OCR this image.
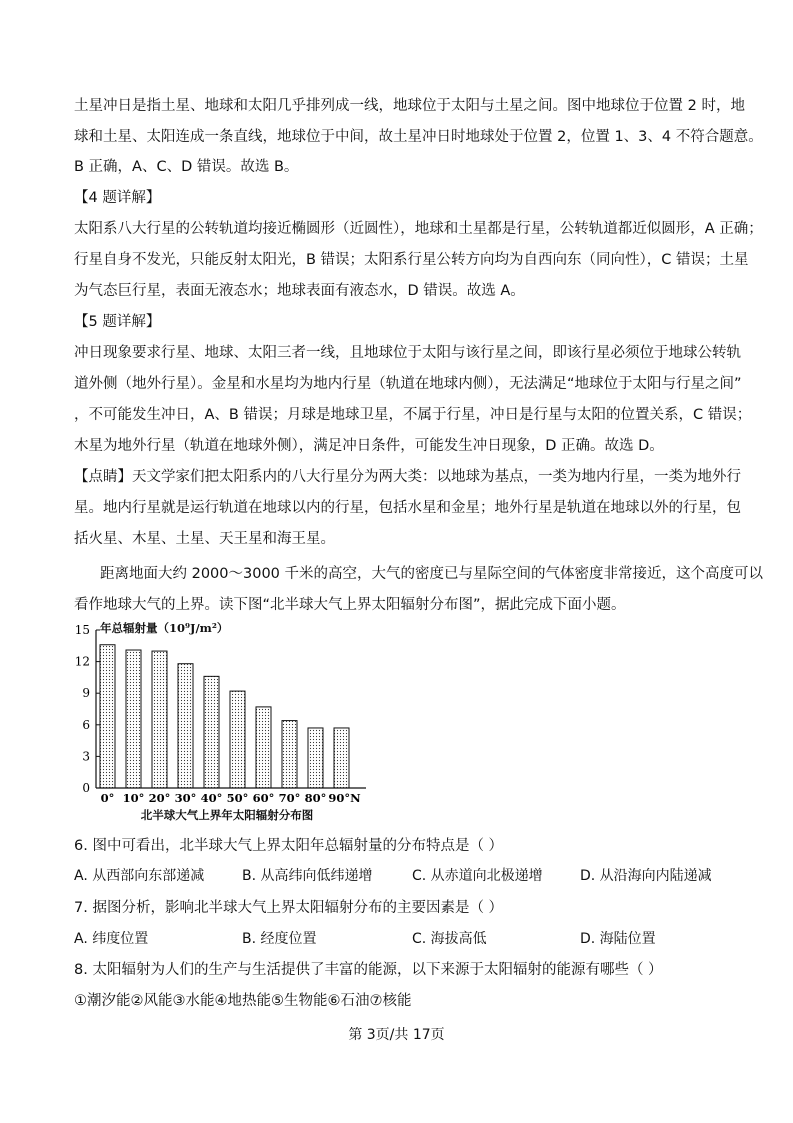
土星冲日是指土星、地球和太阳几乎排列成一线，地球位于太阳与土星之间。图中地球位于位置 2 时，地
球和土星、太阳连成一条直线，地球位于中间，故土星冲日时地球处于位置 2，位置 1、3、4 不符合题意。
B 正确，A、C、D 错误。故选 B。
【4 题详解】
太阳系八大行星的公转轨道均接近椭圆形（近圆性），地球和土星都是行星，公转轨道都近似圆形，A 正确；
行星自身不发光，只能反射太阳光，B 错误；太阳系行星公转方向均为自西向东（同向性），C 错误；土星
为气态巨行星，表面无液态水；地球表面有液态水，D 错误。故选 A。
【5 题详解】
冲日现象要求行星、地球、太阳三者一线，且地球位于太阳与该行星之间，即该行星必须位于地球公转轨
道外侧（地外行星）。金星和水星均为地内行星（轨道在地球内侧），无法满足“地球位于太阳与行星之间”
，不可能发生冲日，A、B 错误；月球是地球卫星，不属于行星，冲日是行星与太阳的位置关系，C 错误；
木星为地外行星（轨道在地球外侧），满足冲日条件，可能发生冲日现象，D 正确。故选 D。
【点睛】天文学家们把太阳系内的八大行星分为两大类：以地球为基点，一类为地内行星，一类为地外行
星。地内行星就是运行轨道在地球以内的行星，包括水星和金星；地外行星是轨道在地球以外的行星，包
括火星、木星、土星、天王星和海王星。
距离地面大约 2000～3000 千米的高空，大气的密度已与星际空间的气体密度非常接近，这个高度可以
看作地球大气的上界。读下图“北半球大气上界太阳辐射分布图”，据此完成下面小题。
0
3
6
9
12
15
0° 10° 20° 30° 40° 50° 60° 70° 80° 90°N
年总辐射量（10⁹J/m²）
北半球大气上界年太阳辐射分布图
6. 图中可看出，北半球大气上界太阳年总辐射量的分布特点是（ ）
A. 从西部向东部递减	B. 从高纬向低纬递增	C. 从赤道向北极递增	D. 从沿海向内陆递减
7. 据图分析，影响北半球大气上界太阳辐射分布的主要因素是（ ）
A. 纬度位置	B. 经度位置	C. 海拔高低	D. 海陆位置
8. 太阳辐射为人们的生产与生活提供了丰富的能源，以下来源于太阳辐射的能源有哪些（ ）
①潮汐能②风能③水能④地热能⑤生物能⑥石油⑦核能
第 3页/共 17页
